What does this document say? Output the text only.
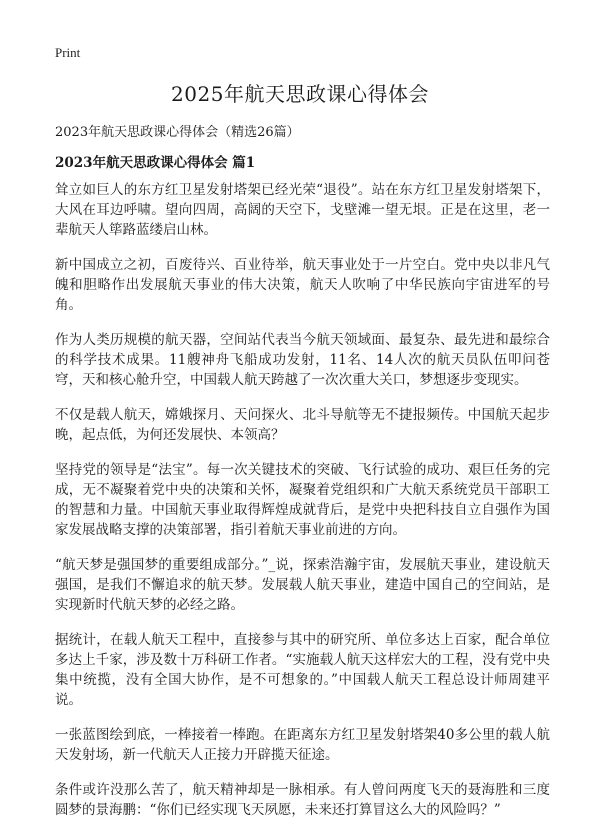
Print
2025年航天思政课心得体会

2023年航天思政课心得体会（精选26篇）

2023年航天思政课心得体会 篇1

耸立如巨人的东方红卫星发射塔架已经光荣“退役”。站在东方红卫星发射塔架下，大风在耳边呼啸。望向四周，高阔的天空下，戈壁滩一望无垠。正是在这里，老一辈航天人筚路蓝缕启山林。

新中国成立之初，百废待兴、百业待举，航天事业处于一片空白。党中央以非凡气魄和胆略作出发展航天事业的伟大决策，航天人吹响了中华民族向宇宙进军的号角。

作为人类历规模的航天器，空间站代表当今航天领域面、最复杂、最先进和最综合的科学技术成果。11艘神舟飞船成功发射，11名、14人次的航天员队伍叩问苍穹，天和核心舱升空，中国载人航天跨越了一次次重大关口，梦想逐步变现实。

不仅是载人航天，嫦娥探月、天问探火、北斗导航等无不捷报频传。中国航天起步晚，起点低，为何还发展快、本领高？

坚持党的领导是“法宝”。每一次关键技术的突破、飞行试验的成功、艰巨任务的完成，无不凝聚着党中央的决策和关怀，凝聚着党组织和广大航天系统党员干部职工的智慧和力量。中国航天事业取得辉煌成就背后，是党中央把科技自立自强作为国家发展战略支撑的决策部署，指引着航天事业前进的方向。

“航天梦是强国梦的重要组成部分。”_说，探索浩瀚宇宙，发展航天事业，建设航天强国，是我们不懈追求的航天梦。发展载人航天事业，建造中国自己的空间站，是实现新时代航天梦的必经之路。

据统计，在载人航天工程中，直接参与其中的研究所、单位多达上百家，配合单位多达上千家，涉及数十万科研工作者。“实施载人航天这样宏大的工程，没有党中央集中统揽，没有全国大协作，是不可想象的。”中国载人航天工程总设计师周建平说。

一张蓝图绘到底，一棒接着一棒跑。在距离东方红卫星发射塔架40多公里的载人航天发射场，新一代航天人正接力开辟揽天征途。

条件或许没那么苦了，航天精神却是一脉相承。有人曾问两度飞天的聂海胜和三度圆梦的景海鹏：“你们已经实现飞天夙愿，未来还打算冒这么大的风险吗？”
